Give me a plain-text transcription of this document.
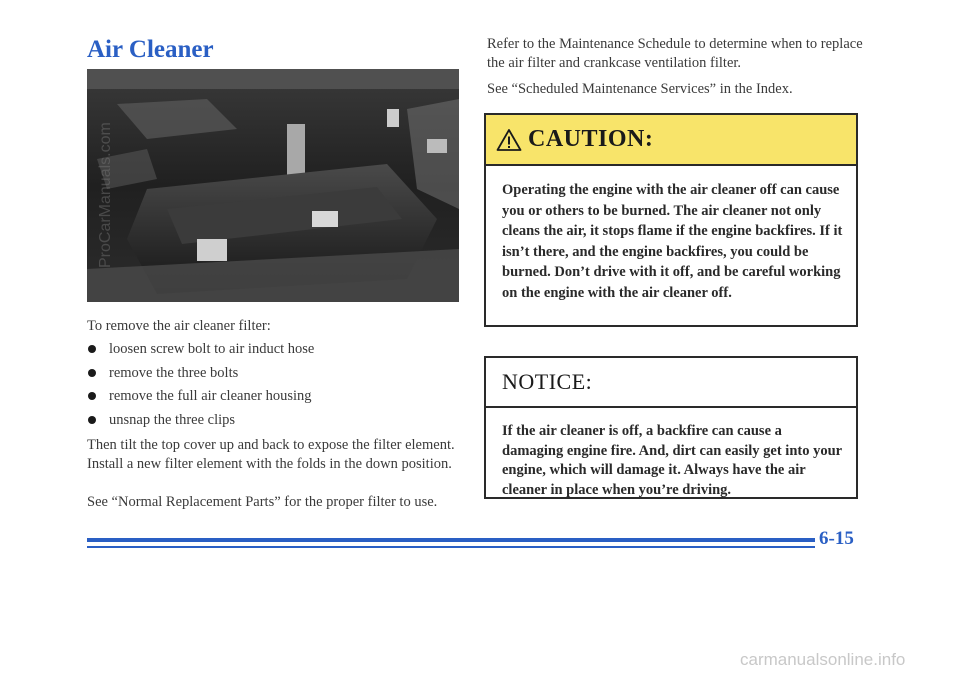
Air Cleaner
To remove the air cleaner filter:
loosen screw bolt to air induct hose
remove the three bolts
remove the full air cleaner housing
unsnap the three clips
Then tilt the top cover up and back to expose the filter element. Install a new filter element with the folds in the down position.
See “Normal Replacement Parts” for the proper filter to use.
Refer to the Maintenance Schedule to determine when to replace the air filter and crankcase ventilation filter.
See “Scheduled Maintenance Services” in the Index.
CAUTION:
Operating the engine with the air cleaner off can cause you or others to be burned. The air cleaner not only cleans the air, it stops flame if the engine backfires. If it isn’t there, and the engine backfires, you could be burned. Don’t drive with it off, and be careful working on the engine with the air cleaner off.
NOTICE:
If the air cleaner is off, a backfire can cause a damaging engine fire. And, dirt can easily get into your engine, which will damage it. Always have the air cleaner in place when you’re driving.
6-15
ProCarManuals.com
carmanualsonline.info
